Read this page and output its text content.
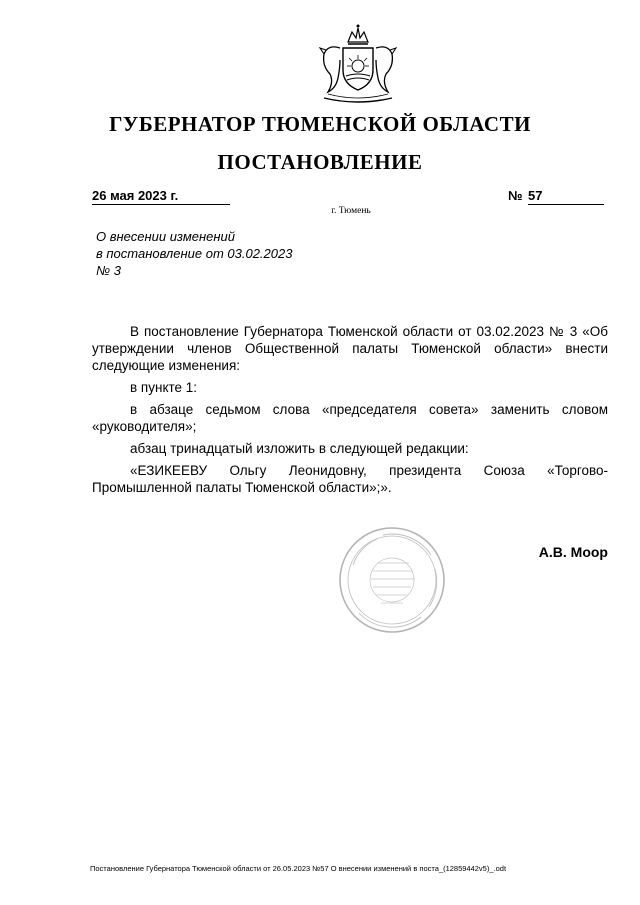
ГУБЕРНАТОР ТЮМЕНСКОЙ ОБЛАСТИ
ПОСТАНОВЛЕНИЕ
26 мая 2023 г.	№ 57
г. Тюмень
О внесении изменений
в постановление от 03.02.2023
№ 3

В постановление Губернатора Тюменской области от 03.02.2023 № 3 «Об утверждении членов Общественной палаты Тюменской области» внести следующие изменения:

в пункте 1:

в абзаце седьмом слова «председателя совета» заменить словом «руководителя»;

абзац тринадцатый изложить в следующей редакции:

«ЕЗИКЕЕВУ Ольгу Леонидовну, президента Союза «Торгово-Промышленной палаты Тюменской области»;».

А.В. Моор
Постановление Губернатора Тюменской области от 26.05.2023 №57 О внесении изменений в поста_(12859442v5)_.odt
